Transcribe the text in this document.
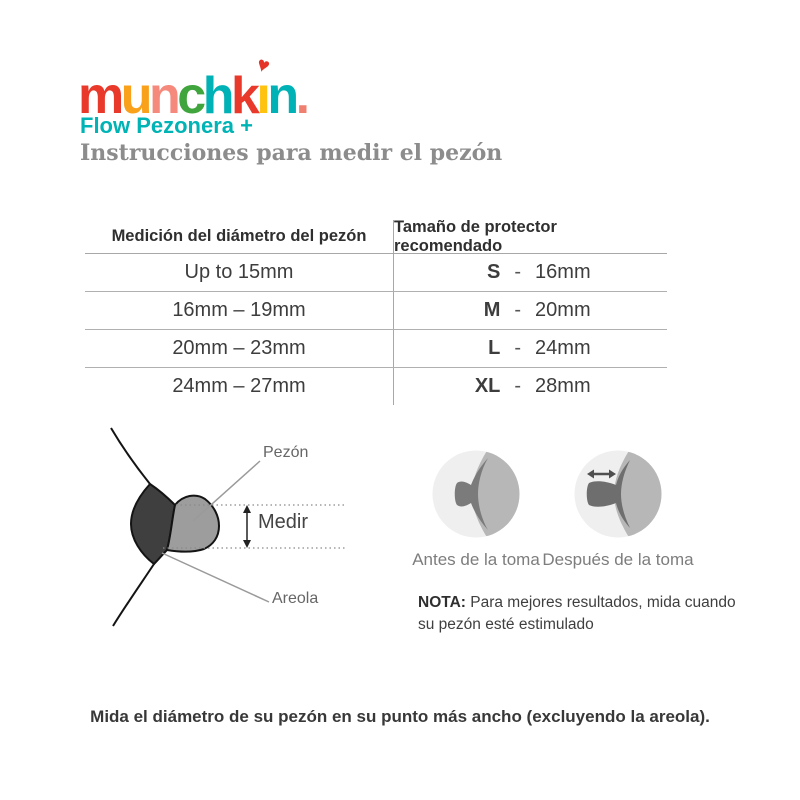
munchkı
♥
n.
Flow Pezonera +
Instrucciones para medir el pezón
Medición del diámetro del pezón
Tamaño de protector recomendado
Up to 15mm	S - 16mm
16mm – 19mm	M - 20mm
20mm – 23mm	L - 24mm
24mm – 27mm	XL - 28mm
Pezón
Medir
Areola
Antes de la toma Después de la toma
NOTA: Para mejores resultados, mida cuando su pezón esté estimulado
Mida el diámetro de su pezón en su punto más ancho (excluyendo la areola).
